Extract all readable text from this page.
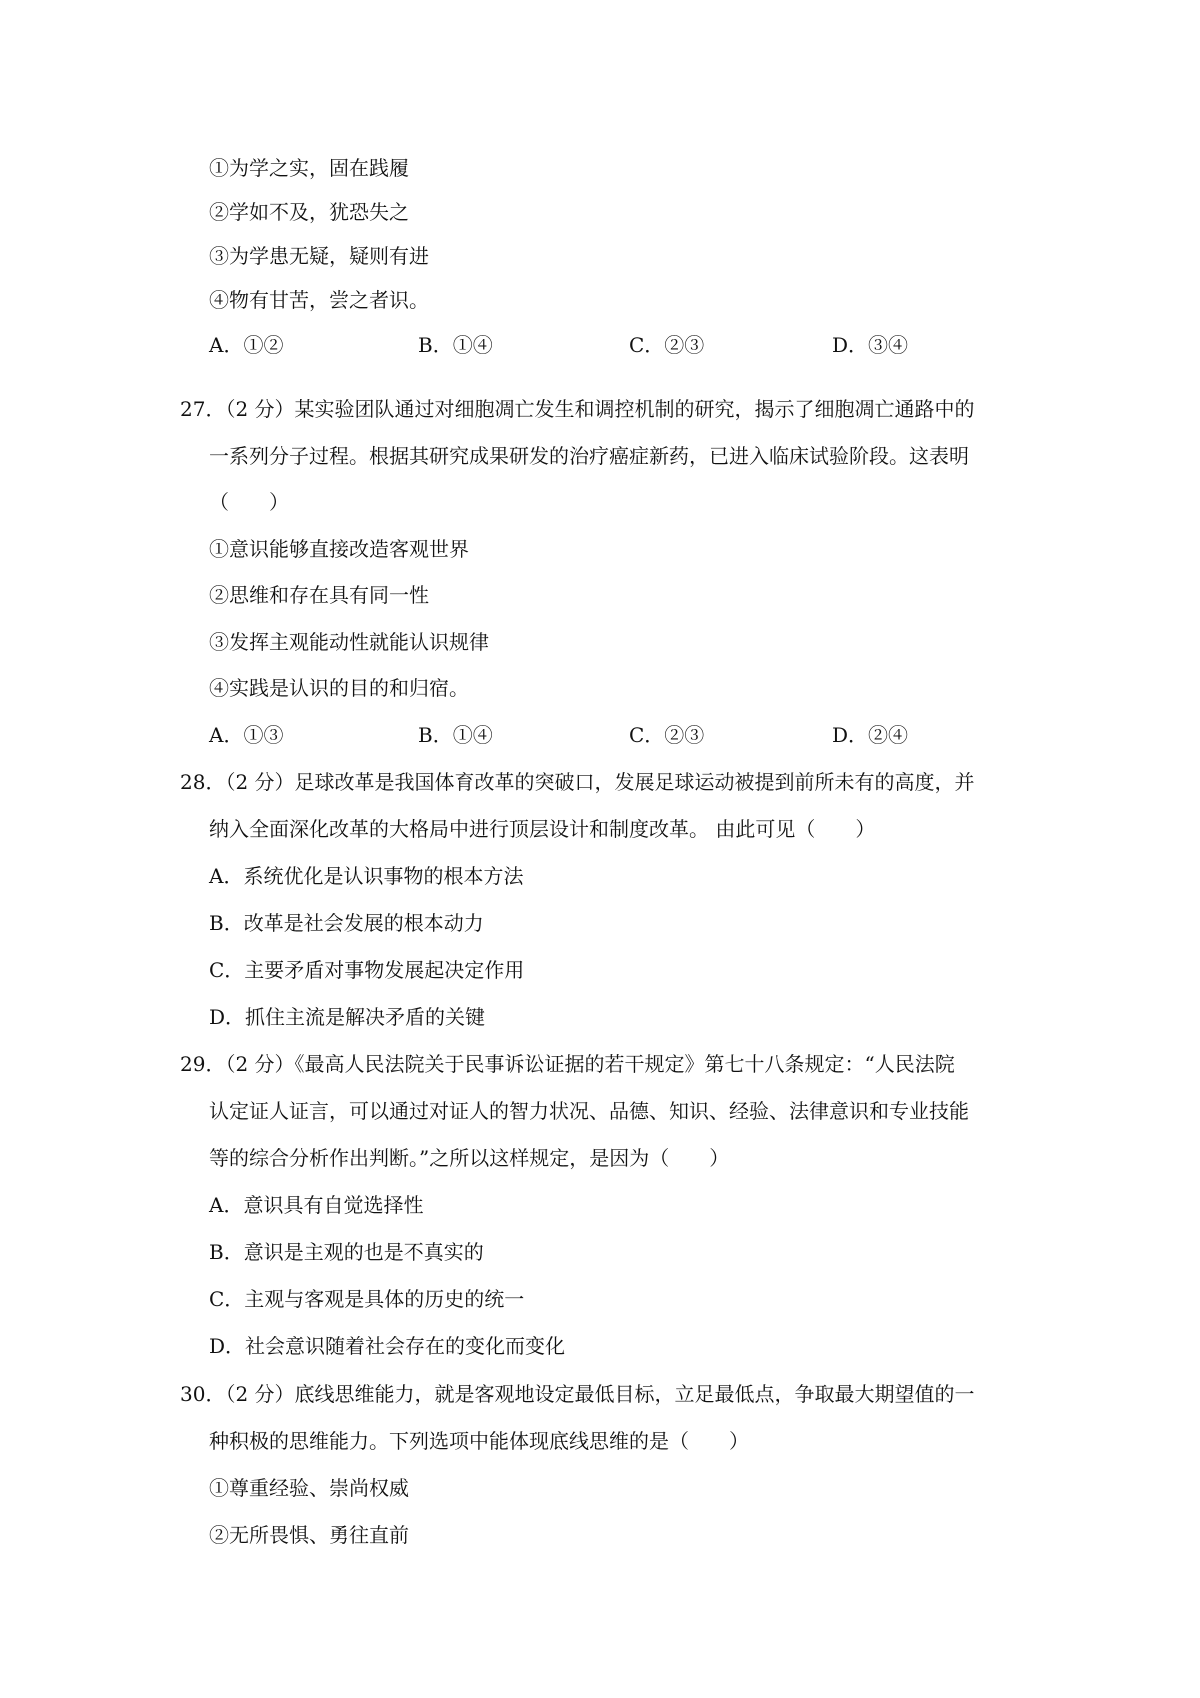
①为学之实，固在践履
②学如不及，犹恐失之
③为学患无疑，疑则有进
④物有甘苦，尝之者识。
A．①②	B．①④	C．②③	D．③④
27．（2 分）某实验团队通过对细胞凋亡发生和调控机制的研究，揭示了细胞凋亡通路中的
一系列分子过程。根据其研究成果研发的治疗癌症新药，已进入临床试验阶段。这表明
（　　）
①意识能够直接改造客观世界
②思维和存在具有同一性
③发挥主观能动性就能认识规律
④实践是认识的目的和归宿。
A．①③	B．①④	C．②③	D．②④
28．（2 分）足球改革是我国体育改革的突破口，发展足球运动被提到前所未有的高度，并
纳入全面深化改革的大格局中进行顶层设计和制度改革。 由此可见（　　）
A．系统优化是认识事物的根本方法
B．改革是社会发展的根本动力
C．主要矛盾对事物发展起决定作用
D．抓住主流是解决矛盾的关键
29．（2 分）《最高人民法院关于民事诉讼证据的若干规定》第七十八条规定：“人民法院
认定证人证言，可以通过对证人的智力状况、品德、知识、经验、法律意识和专业技能
等的综合分析作出判断。”之所以这样规定，是因为（　　）
A．意识具有自觉选择性
B．意识是主观的也是不真实的
C．主观与客观是具体的历史的统一
D．社会意识随着社会存在的变化而变化
30．（2 分）底线思维能力，就是客观地设定最低目标，立足最低点，争取最大期望值的一
种积极的思维能力。下列选项中能体现底线思维的是（　　）
①尊重经验、崇尚权威
②无所畏惧、勇往直前
